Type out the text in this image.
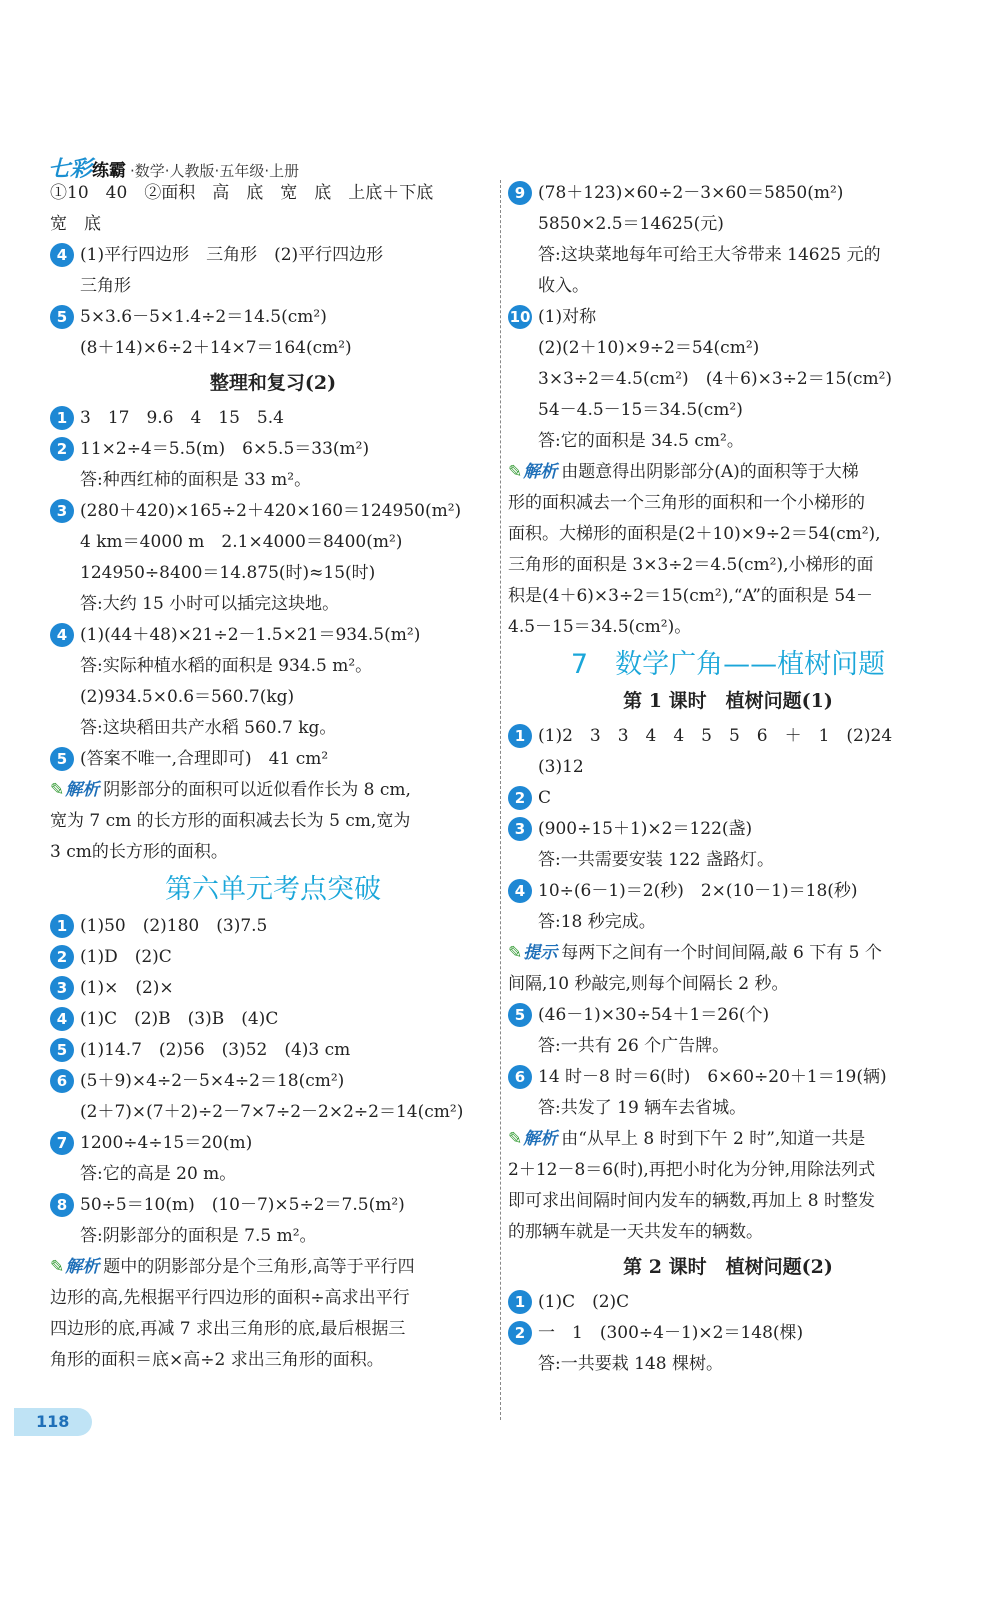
七彩练霸 ·数学·人教版·五年级·上册
①10　40　②面积　高　底　宽　底　上底＋下底
宽　底
4 (1)平行四边形　三角形　(2)平行四边形
三角形
5 5×3.6－5×1.4÷2＝14.5(cm²)
(8＋14)×6÷2＋14×7＝164(cm²)
整理和复习(2)
1 3　17　9.6　4　15　5.4
2 11×2÷4＝5.5(m)　6×5.5＝33(m²)
答:种西红柿的面积是 33 m²。
3 (280＋420)×165÷2＋420×160＝124950(m²)
4 km＝4000 m　2.1×4000＝8400(m²)
124950÷8400＝14.875(时)≈15(时)
答:大约 15 小时可以插完这块地。
4 (1)(44＋48)×21÷2－1.5×21＝934.5(m²)
答:实际种植水稻的面积是 934.5 m²。
(2)934.5×0.6＝560.7(kg)
答:这块稻田共产水稻 560.7 kg。
5 (答案不唯一,合理即可)　41 cm²
✎ 解析 阴影部分的面积可以近似看作长为 8 cm,
宽为 7 cm 的长方形的面积减去长为 5 cm,宽为
3 cm的长方形的面积。
第六单元考点突破
1 (1)50　(2)180　(3)7.5
2 (1)D　(2)C
3 (1)×　(2)×
4 (1)C　(2)B　(3)B　(4)C
5 (1)14.7　(2)56　(3)52　(4)3 cm
6 (5＋9)×4÷2－5×4÷2＝18(cm²)
(2＋7)×(7＋2)÷2－7×7÷2－2×2÷2＝14(cm²)
7 1200÷4÷15＝20(m)
答:它的高是 20 m。
8 50÷5＝10(m)　(10－7)×5÷2＝7.5(m²)
答:阴影部分的面积是 7.5 m²。
✎ 解析 题中的阴影部分是个三角形,高等于平行四
边形的高,先根据平行四边形的面积÷高求出平行
四边形的底,再减 7 求出三角形的底,最后根据三
角形的面积＝底×高÷2 求出三角形的面积。
9 (78＋123)×60÷2－3×60＝5850(m²)
5850×2.5＝14625(元)
答:这块菜地每年可给王大爷带来 14625 元的
收入。
10 (1)对称
(2)(2＋10)×9÷2＝54(cm²)
3×3÷2＝4.5(cm²)　(4＋6)×3÷2＝15(cm²)
54－4.5－15＝34.5(cm²)
答:它的面积是 34.5 cm²。
✎ 解析 由题意得出阴影部分(A)的面积等于大梯
形的面积减去一个三角形的面积和一个小梯形的
面积。大梯形的面积是(2＋10)×9÷2＝54(cm²),
三角形的面积是 3×3÷2＝4.5(cm²),小梯形的面
积是(4＋6)×3÷2＝15(cm²),“A”的面积是 54－
4.5－15＝34.5(cm²)。
7　数学广角——植树问题
第 1 课时　植树问题(1)
1 (1)2　3　3　4　4　5　5　6　＋　1　(2)24
(3)12
2 C
3 (900÷15＋1)×2＝122(盏)
答:一共需要安装 122 盏路灯。
4 10÷(6－1)＝2(秒)　2×(10－1)＝18(秒)
答:18 秒完成。
✎ 提示 每两下之间有一个时间间隔,敲 6 下有 5 个
间隔,10 秒敲完,则每个间隔长 2 秒。
5 (46－1)×30÷54＋1＝26(个)
答:一共有 26 个广告牌。
6 14 时－8 时＝6(时)　6×60÷20＋1＝19(辆)
答:共发了 19 辆车去省城。
✎ 解析 由“从早上 8 时到下午 2 时”,知道一共是
2＋12－8＝6(时),再把小时化为分钟,用除法列式
即可求出间隔时间内发车的辆数,再加上 8 时整发
的那辆车就是一天共发车的辆数。
第 2 课时　植树问题(2)
1 (1)C　(2)C
2 一　1　(300÷4－1)×2＝148(棵)
答:一共要栽 148 棵树。
118
